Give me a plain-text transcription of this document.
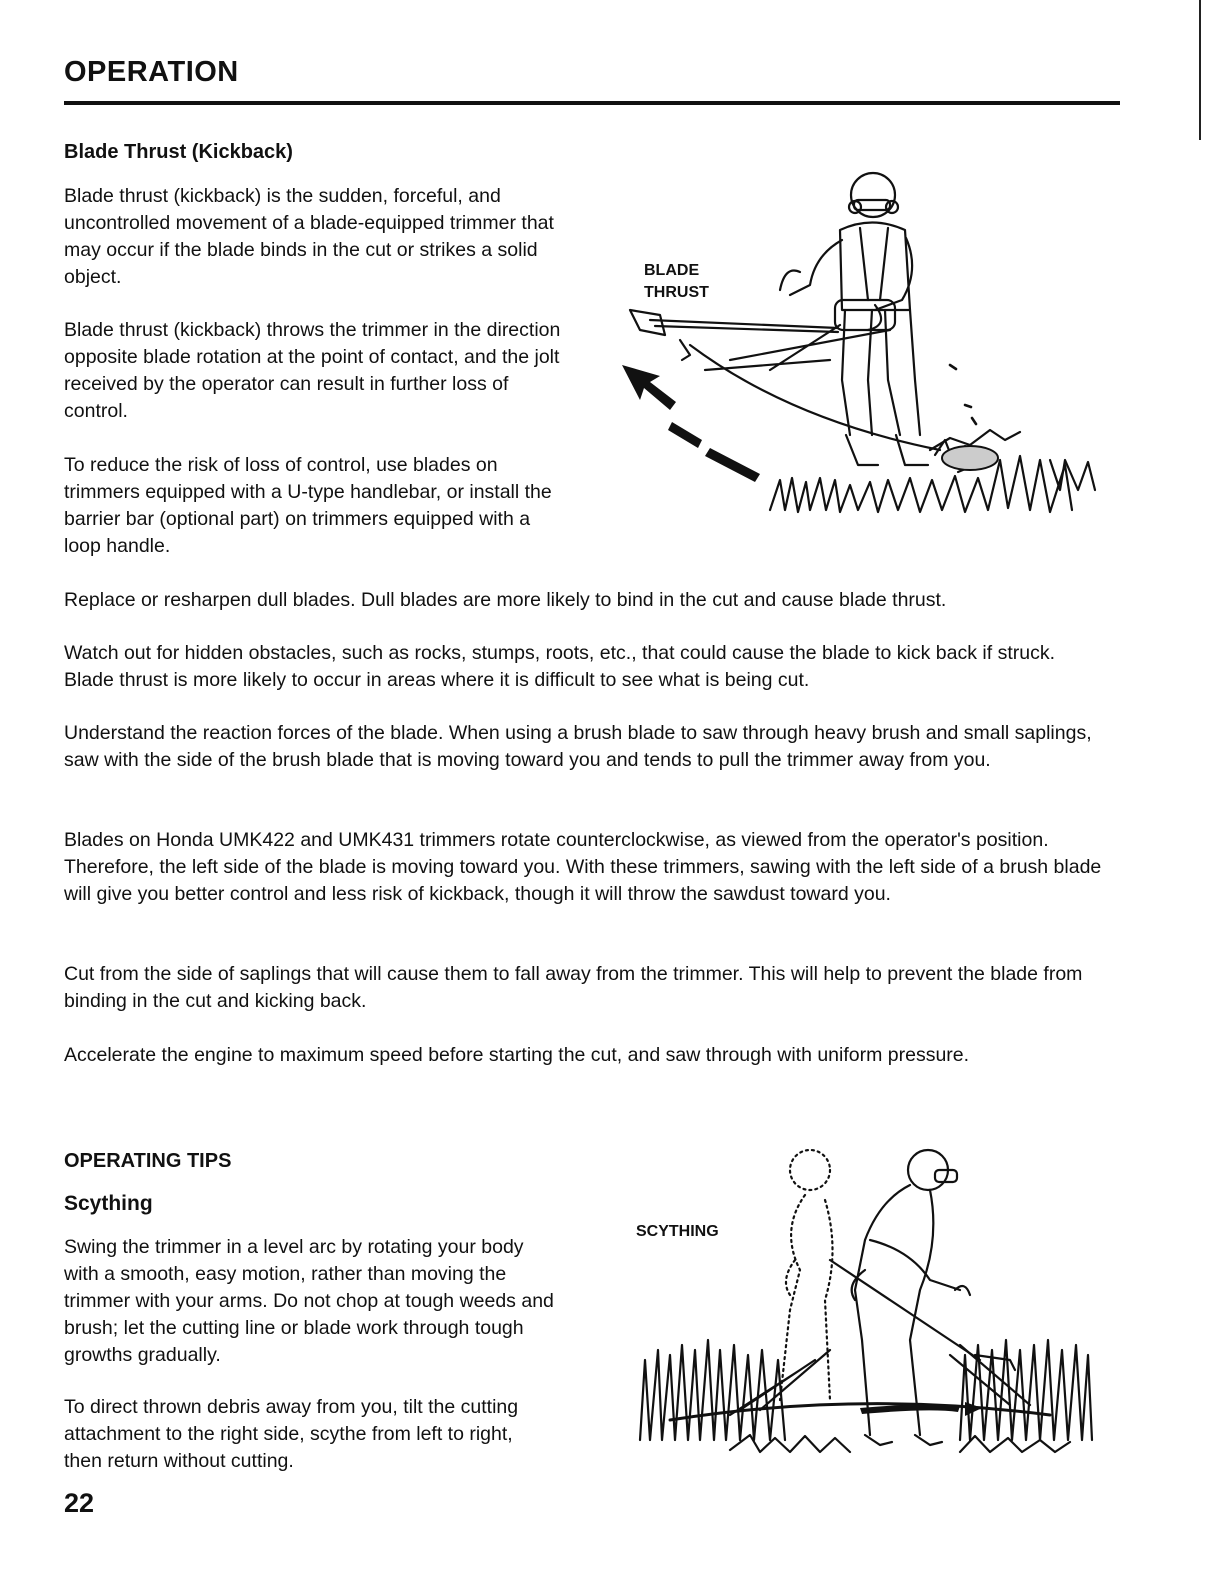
OPERATION
Blade Thrust (Kickback)

Blade thrust (kickback) is the sudden, forceful, and uncontrolled movement of a blade-equipped trimmer that may occur if the blade binds in the cut or strikes a solid object.

Blade thrust (kickback) throws the trimmer in the direction opposite blade rotation at the point of contact, and the jolt received by the operator can result in further loss of control.

To reduce the risk of loss of control, use blades on trimmers equipped with a U-type handlebar, or install the barrier bar (optional part) on trimmers equipped with a loop handle.

BLADE
THRUST

Replace or resharpen dull blades. Dull blades are more likely to bind in the cut and cause blade thrust.

Watch out for hidden obstacles, such as rocks, stumps, roots, etc., that could cause the blade to kick back if struck. Blade thrust is more likely to occur in areas where it is difficult to see what is being cut.

Understand the reaction forces of the blade. When using a brush blade to saw through heavy brush and small saplings, saw with the side of the brush blade that is moving toward you and tends to pull the trimmer away from you.

Blades on Honda UMK422 and UMK431 trimmers rotate counterclockwise, as viewed from the operator's position. Therefore, the left side of the blade is moving toward you. With these trimmers, sawing with the left side of a brush blade will give you better control and less risk of kickback, though it will throw the sawdust toward you.

Cut from the side of saplings that will cause them to fall away from the trimmer. This will help to prevent the blade from binding in the cut and kicking back.

Accelerate the engine to maximum speed before starting the cut, and saw through with uniform pressure.

OPERATING TIPS
Scything

Swing the trimmer in a level arc by rotating your body with a smooth, easy motion, rather than moving the trimmer with your arms. Do not chop at tough weeds and brush; let the cutting line or blade work through tough growths gradually.

To direct thrown debris away from you, tilt the cutting attachment to the right side, scythe from left to right, then return without cutting.

SCYTHING
22
